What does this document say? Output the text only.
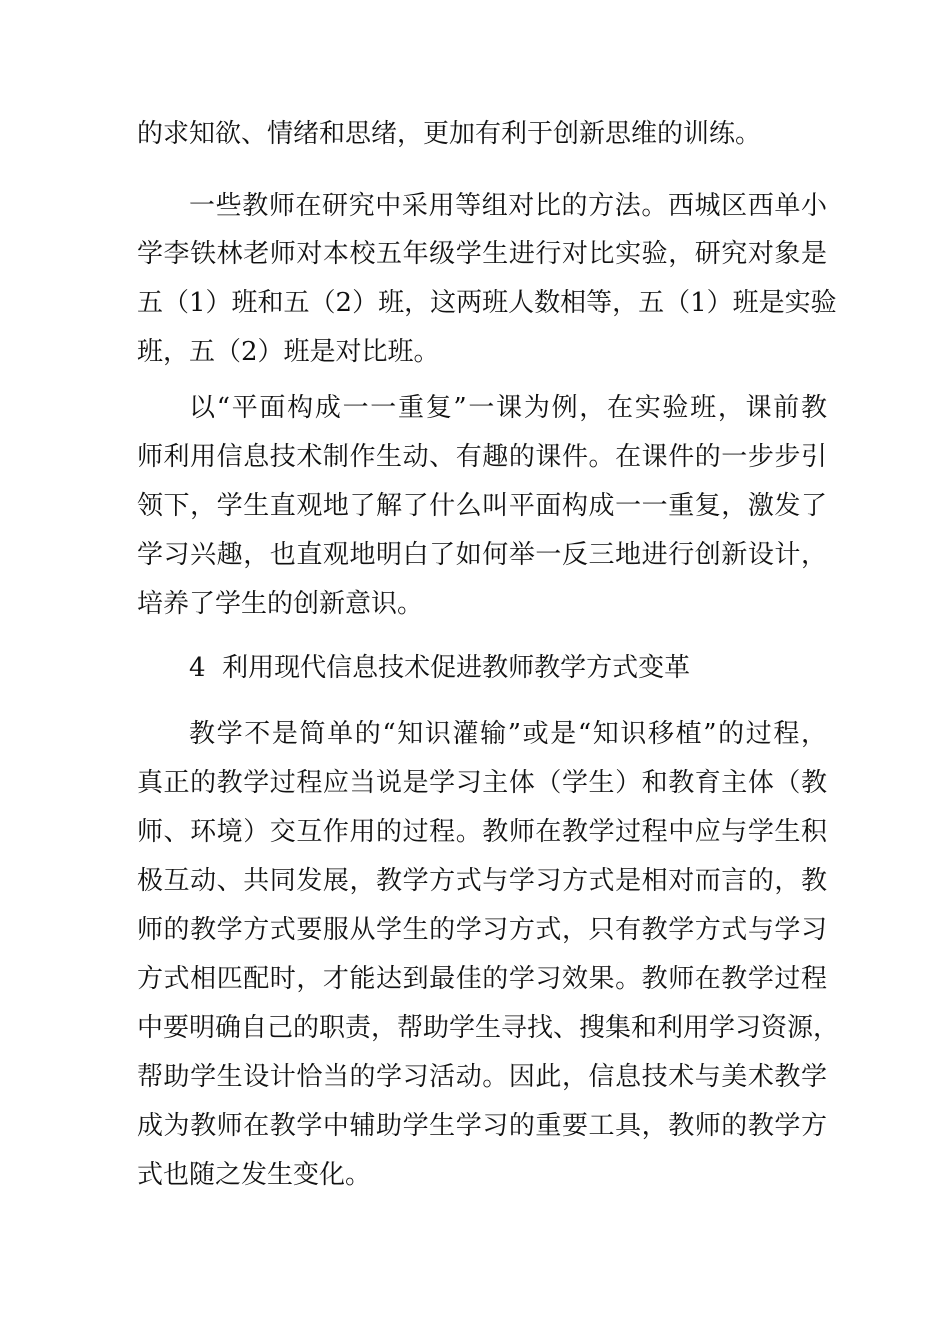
的求知欲、情绪和思绪，更加有利于创新思维的训练。

一些教师在研究中采用等组对比的方法。西城区西单小

学李铁林老师对本校五年级学生进行对比实验，研究对象是

五（1）班和五（2）班，这两班人数相等，五（1）班是实验

班，五（2）班是对比班。

以“平面构成一一重复”一课为例，在实验班，课前教

师利用信息技术制作生动、有趣的课件。在课件的一步步引

领下，学生直观地了解了什么叫平面构成一一重复，激发了

学习兴趣，也直观地明白了如何举一反三地进行创新设计，

培养了学生的创新意识。

4  利用现代信息技术促进教师教学方式变革

教学不是简单的“知识灌输”或是“知识移植”的过程，

真正的教学过程应当说是学习主体（学生）和教育主体（教

师、环境）交互作用的过程。教师在教学过程中应与学生积

极互动、共同发展，教学方式与学习方式是相对而言的，教

师的教学方式要服从学生的学习方式，只有教学方式与学习

方式相匹配时，才能达到最佳的学习效果。教师在教学过程

中要明确自己的职责，帮助学生寻找、搜集和利用学习资源，

帮助学生设计恰当的学习活动。因此，信息技术与美术教学

成为教师在教学中辅助学生学习的重要工具，教师的教学方

式也随之发生变化。
